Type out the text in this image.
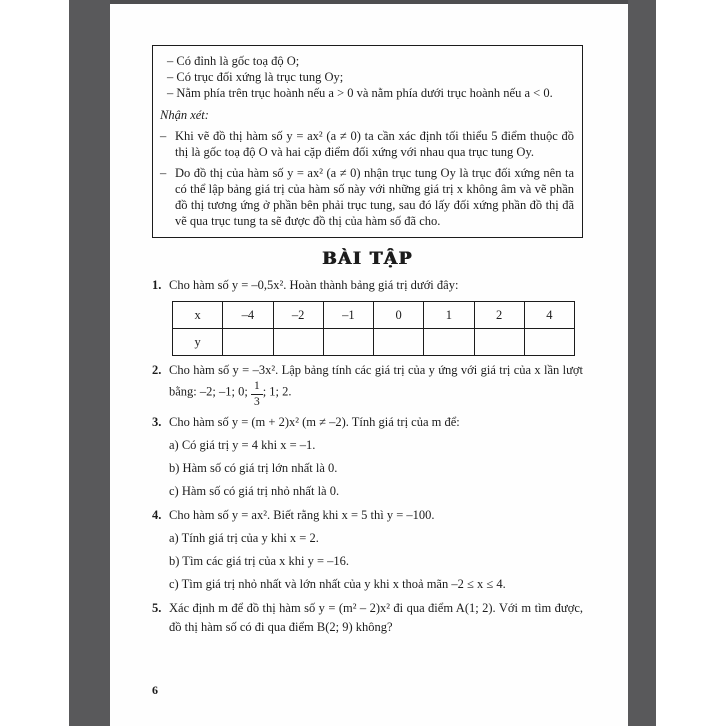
– Có đỉnh là gốc toạ độ O;

– Có trục đối xứng là trục tung Oy;

– Nằm phía trên trục hoành nếu a > 0 và nằm phía dưới trục hoành nếu a < 0.

Nhận xét:

– Khi vẽ đồ thị hàm số y = ax² (a ≠ 0) ta cần xác định tối thiểu 5 điểm thuộc đồ thị là gốc toạ độ O và hai cặp điểm đối xứng với nhau qua trục tung Oy.

– Do đồ thị của hàm số y = ax² (a ≠ 0) nhận trục tung Oy là trục đối xứng nên ta có thể lập bảng giá trị của hàm số này với những giá trị x không âm và vẽ phần đồ thị tương ứng ở phần bên phải trục tung, sau đó lấy đối xứng phần đồ thị đã vẽ qua trục tung ta sẽ được đồ thị của hàm số đã cho.

BÀI TẬP
1. Cho hàm số y = –0,5x². Hoàn thành bảng giá trị dưới đây:

x	–4	–2	–1	0	1	2	4
y							
2. Cho hàm số y = –3x². Lập bảng tính các giá trị của y ứng với giá trị của x lần lượt bằng: –2; –1; 0; $\frac{1}{3}$ ; 1; 2.

3. Cho hàm số y = (m + 2)x² (m ≠ –2). Tính giá trị của m để:

a) Có giá trị y = 4 khi x = –1.

b) Hàm số có giá trị lớn nhất là 0.

c) Hàm số có giá trị nhỏ nhất là 0.

4. Cho hàm số y = ax². Biết rằng khi x = 5 thì y = –100.

a) Tính giá trị của y khi x = 2.

b) Tìm các giá trị của x khi y = –16.

c) Tìm giá trị nhỏ nhất và lớn nhất của y khi x thoả mãn –2 ≤ x ≤ 4.

5. Xác định m để đồ thị hàm số y = (m² – 2)x² đi qua điểm A(1; 2). Với m tìm được, đồ thị hàm số có đi qua điểm B(2; 9) không?

6
